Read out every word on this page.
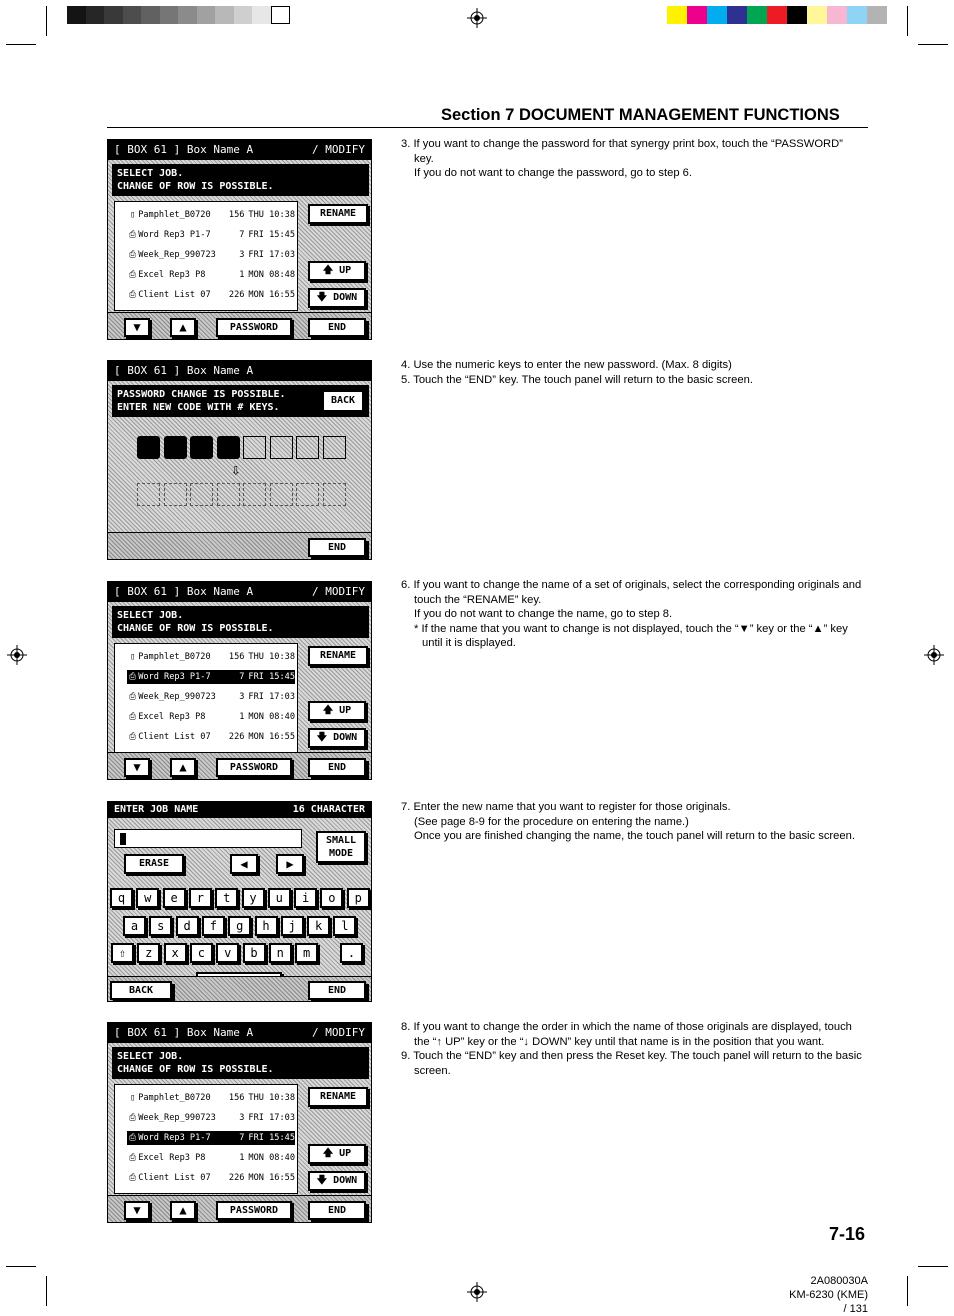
Section 7 DOCUMENT MANAGEMENT FUNCTIONS
[ BOX 61 ] Box Name A	/ MODIFY
SELECT JOB.
CHANGE OF ROW IS POSSIBLE.
▯ Pamphlet_B0720	156 THU 10:38
⎙ Word Rep3 P1-7	7 FRI 15:45
⎙ Week_Rep_990723	3 FRI 17:03
⎙ Excel Rep3 P8	1 MON 08:48
⎙ Client List 07	226 MON 16:55
RENAME
🡅 UP
🡇 DOWN
▼	▲	PASSWORD	END
[ BOX 61 ] Box Name A
PASSWORD CHANGE IS POSSIBLE.
ENTER NEW CODE WITH # KEYS.
BACK
⇩
END
[ BOX 61 ] Box Name A	/ MODIFY
SELECT JOB.
CHANGE OF ROW IS POSSIBLE.
▯ Pamphlet_B0720	156 THU 10:38
⎙ Word Rep3 P1-7	7 FRI 15:45
⎙ Week_Rep_990723	3 FRI 17:03
⎙ Excel Rep3 P8	1 MON 08:40
⎙ Client List 07	226 MON 16:55
RENAME
🡅 UP
🡇 DOWN
▼	▲	PASSWORD	END
ENTER JOB NAME	16 CHARACTER
SMALL
MODE
ERASE	◀	▶
q	w	e	r	t	y	u	i	o	p
a	s	d	f	g	h	j	k	l
⇧	z	x	c	v	b	n	m	.
BACK	END
[ BOX 61 ] Box Name A	/ MODIFY
SELECT JOB.
CHANGE OF ROW IS POSSIBLE.
▯ Pamphlet_B0720	156 THU 10:38
⎙ Week_Rep_990723	3 FRI 17:03
⎙ Word Rep3 P1-7	7 FRI 15:45
⎙ Excel Rep3 P8	1 MON 08:40
⎙ Client List 07	226 MON 16:55
RENAME
🡅 UP
🡇 DOWN
▼	▲	PASSWORD	END
3. If you want to change the password for that synergy print box, touch the “PASSWORD”
key.
If you do not want to change the password, go to step 6.
4. Use the numeric keys to enter the new password. (Max. 8 digits)
5. Touch the “END” key. The touch panel will return to the basic screen.
6. If you want to change the name of a set of originals, select the corresponding originals and
touch the “RENAME” key.
If you do not want to change the name, go to step 8.
* If the name that you want to change is not displayed, touch the “▼” key or the “▲” key
until it is displayed.
7. Enter the new name that you want to register for those originals.
(See page 8-9 for the procedure on entering the name.)
Once you are finished changing the name, the touch panel will return to the basic screen.
8. If you want to change the order in which the name of those originals are displayed, touch
the “↑ UP” key or the “↓ DOWN” key until that name is in the position that you want.
9. Touch the “END” key and then press the Reset key. The touch panel will return to the basic
screen.
7-16
2A080030A
KM-6230 (KME)
/ 131
